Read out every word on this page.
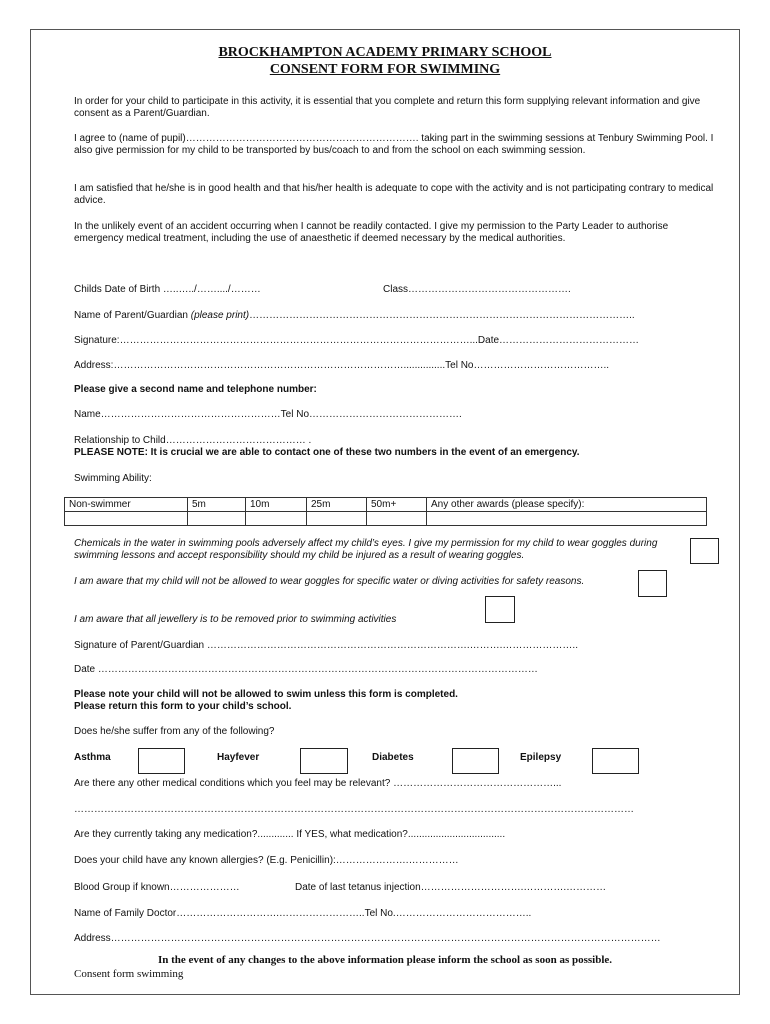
BROCKHAMPTON ACADEMY PRIMARY SCHOOL
CONSENT FORM FOR SWIMMING
In order for your child to participate in this activity, it is essential that you complete and return this form supplying relevant information and give consent as a Parent/Guardian.
I agree to (name of pupil)……………………………………………………………. taking part in the swimming sessions at Tenbury Swimming Pool. I also give permission for my child to be transported by bus/coach to and from the school on each swimming session.
I am satisfied that he/she is in good health and that his/her health is adequate to cope with the activity and is not participating contrary to medical advice.
In the unlikely event of an accident occurring when I cannot be readily contacted. I give my permission to the Party Leader to authorise emergency medical treatment, including the use of anaesthetic if deemed necessary by the medical authorities.
Childs Date of Birth …..…../……..../………	Class………………………………………….
Name of Parent/Guardian (please print)……………………………………………………………………………………………………..
Signature:……………………………………………………………………………………………...Date……………………………………
Address:……………………………………………………………………………...............Tel No…………………………………..
Please give a second name and telephone number:
Name………………………………………………Tel No……………………………………….
Relationship to Child…………………………………… .
PLEASE NOTE: It is crucial we are able to contact one of these two numbers in the event of an emergency.
Swimming Ability:
Non-swimmer	5m	10m	25m	50m+	Any other awards (please specify):

Chemicals in the water in swimming pools adversely affect my child’s eyes. I give my permission for my child to wear goggles during swimming lessons and accept responsibility should my child be injured as a result of wearing goggles.
I am aware that my child will not be allowed to wear goggles for specific water or diving activities for safety reasons.
I am aware that all jewellery is to be removed prior to swimming activities
Signature of Parent/Guardian …………………………………………………………………….……….…………………..
Date ……………………………………………………………………………………………………………………
Please note your child will not be allowed to swim unless this form is completed.
Please return this form to your child’s school.
Does he/she suffer from any of the following?
Asthma	Hayfever	Diabetes	Epilepsy
Are there any other medical conditions which you feel may be relevant? …………………………………………...
……………………………………………………………………………………………………………………………………………………
Are they currently taking any medication?............. If YES, what medication?...................................
Does your child have any known allergies? (E.g. Penicillin):………………….……………
Blood Group if known…………………	Date of last tetanus injection………………………….………….…………
Name of Family Doctor………………………….……………………..Tel No.…………………………………..
Address…………………………………………………………………………………………………………………………………………………
In the event of any changes to the above information please inform the school as soon as possible.
Consent form swimming
